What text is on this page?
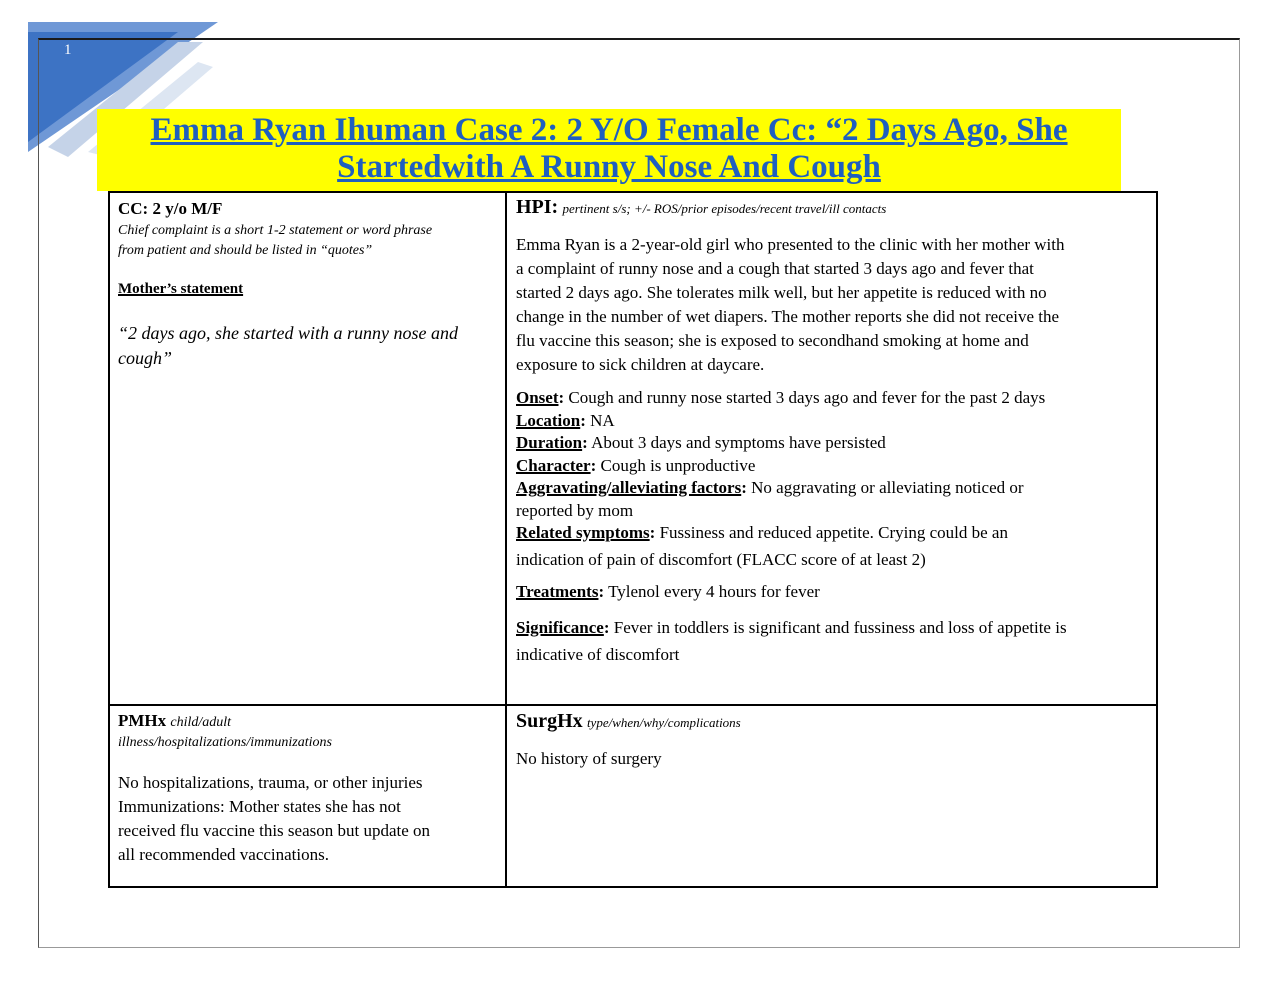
1
Emma Ryan Ihuman Case 2: 2 Y/O Female Cc: “2 Days Ago, She
Startedwith A Runny Nose And Cough

CC: 2 y/o M/F

Chief complaint is a short 1-2 statement or word phrase

from patient and should be listed in “quotes”

Mother’s statement

“2 days ago, she started with a runny nose and

cough”

HPI: pertinent s/s; +/- ROS/prior episodes/recent travel/ill contacts

Emma Ryan is a 2-year-old girl who presented to the clinic with her mother with

a complaint of runny nose and a cough that started 3 days ago and fever that

started 2 days ago. She tolerates milk well, but her appetite is reduced with no

change in the number of wet diapers. The mother reports she did not receive the

flu vaccine this season; she is exposed to secondhand smoking at home and

exposure to sick children at daycare.

Onset: Cough and runny nose started 3 days ago and fever for the past 2 days

Location: NA

Duration: About 3 days and symptoms have persisted

Character: Cough is unproductive

Aggravating/alleviating factors: No aggravating or alleviating noticed or

reported by mom

Related symptoms: Fussiness and reduced appetite. Crying could be an

indication of pain of discomfort (FLACC score of at least 2)

Treatments: Tylenol every 4 hours for fever

Significance: Fever in toddlers is significant and fussiness and loss of appetite is

indicative of discomfort

PMHx child/adult

illness/hospitalizations/immunizations

No hospitalizations, trauma, or other injuries

Immunizations: Mother states she has not

received flu vaccine this season but update on

all recommended vaccinations.

SurgHx type/when/why/complications

No history of surgery
